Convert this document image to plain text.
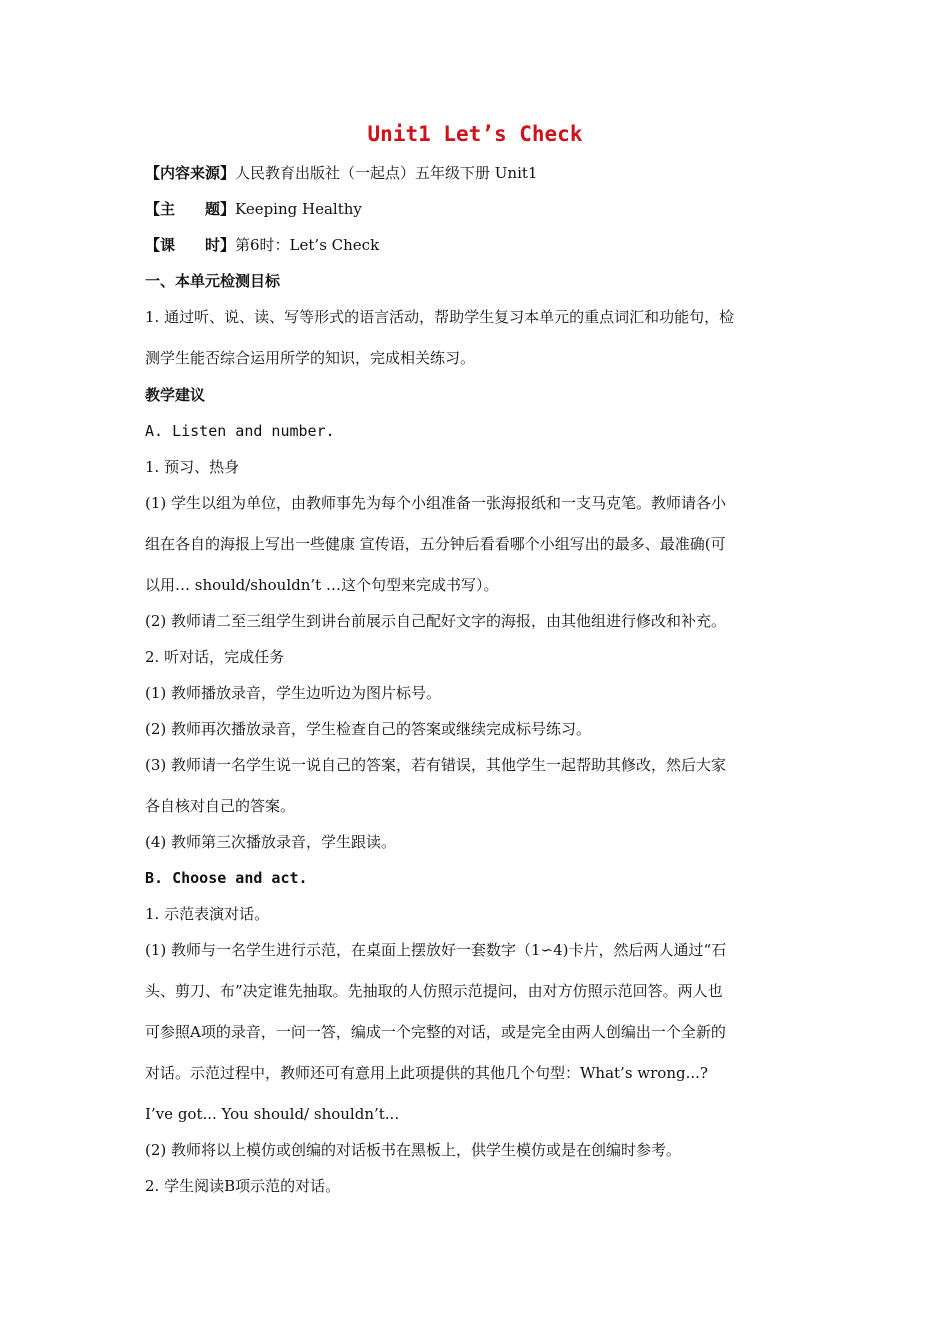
Unit1 Let’s Check
【内容来源】人民教育出版社（一起点）五年级下册 Unit1
【主　　题】Keeping Healthy
【课　　时】第6时：Let’s Check
一、本单元检测目标
1. 通过听、说、读、写等形式的语言活动，帮助学生复习本单元的重点词汇和功能句，检
测学生能否综合运用所学的知识，完成相关练习。
教学建议
A. Listen and number.
1. 预习、热身
(1) 学生以组为单位，由教师事先为每个小组准备一张海报纸和一支马克笔。教师请各小
组在各自的海报上写出一些健康 宣传语，五分钟后看看哪个小组写出的最多、最准确(可
以用… should/shouldn’t …这个句型来完成书写）。
(2) 教师请二至三组学生到讲台前展示自己配好文字的海报，由其他组进行修改和补充。
2. 听对话，完成任务
(1) 教师播放录音，学生边听边为图片标号。
(2) 教师再次播放录音，学生检查自己的答案或继续完成标号练习。
(3) 教师请一名学生说一说自己的答案，若有错误，其他学生一起帮助其修改，然后大家
各自核对自己的答案。
(4) 教师第三次播放录音，学生跟读。
B. Choose and act.
1. 示范表演对话。
(1) 教师与一名学生进行示范，在桌面上摆放好一套数字（1∽4)卡片，然后两人通过“石
头、剪刀、布”决定谁先抽取。先抽取的人仿照示范提问，由对方仿照示范回答。两人也
可参照A项的录音，一问一答，编成一个完整的对话，或是完全由两人创编出一个全新的
对话。示范过程中，教师还可有意用上此项提供的其他几个句型：What’s wrong...?
I’ve got... You should/ shouldn’t...
(2) 教师将以上模仿或创编的对话板书在黑板上，供学生模仿或是在创编时参考。
2. 学生阅读B项示范的对话。
